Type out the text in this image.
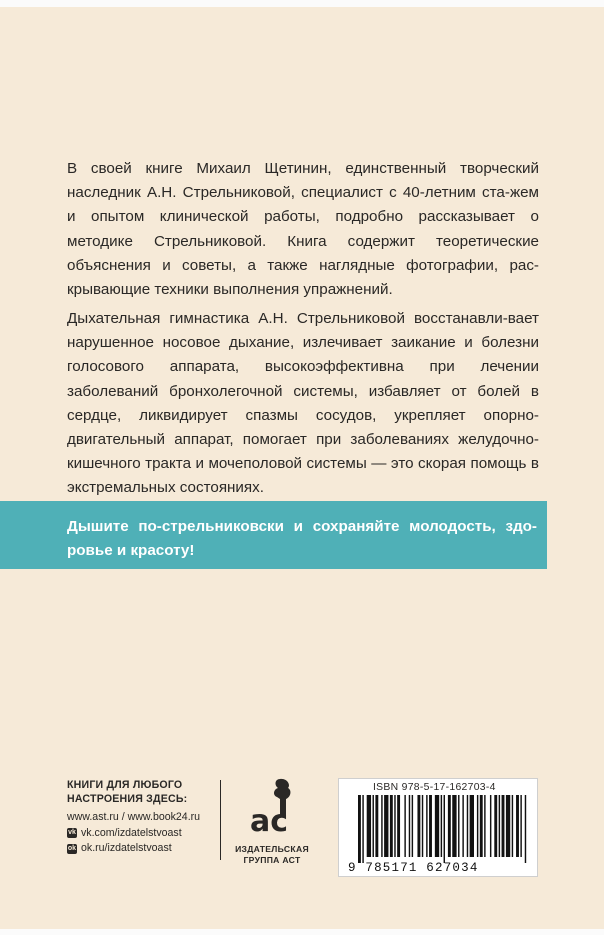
В своей книге Михаил Щетинин, единственный творческий наследник А.Н. Стрельниковой, специалист с 40-летним ста-жем и опытом клинической работы, подробно рассказывает о методике Стрельниковой. Книга содержит теоретические объяснения и советы, а также наглядные фотографии, рас-крывающие техники выполнения упражнений.

Дыхательная гимнастика А.Н. Стрельниковой восстанавли-вает нарушенное носовое дыхание, излечивает заикание и болезни голосового аппарата, высокоэффективна при лечении заболеваний бронхолегочной системы, избавляет от болей в сердце, ликвидирует спазмы сосудов, укрепляет опорно-двигательный аппарат, помогает при заболеваниях желудочно-кишечного тракта и мочеполовой системы — это скорая помощь в экстремальных состояниях.

Дышите по-стрельниковски и сохраняйте молодость, здо-ровье и красоту!

КНИГИ ДЛЯ ЛЮБОГО НАСТРОЕНИЯ ЗДЕСЬ:
www.ast.ru / www.book24.ru
vk vk.com/izdatelstvoast
ok ok.ru/izdatelstvoast
ас
ИЗДАТЕЛЬСКАЯ ГРУППА АСТ
ISBN 978-5-17-162703-4
9 785171 627034
